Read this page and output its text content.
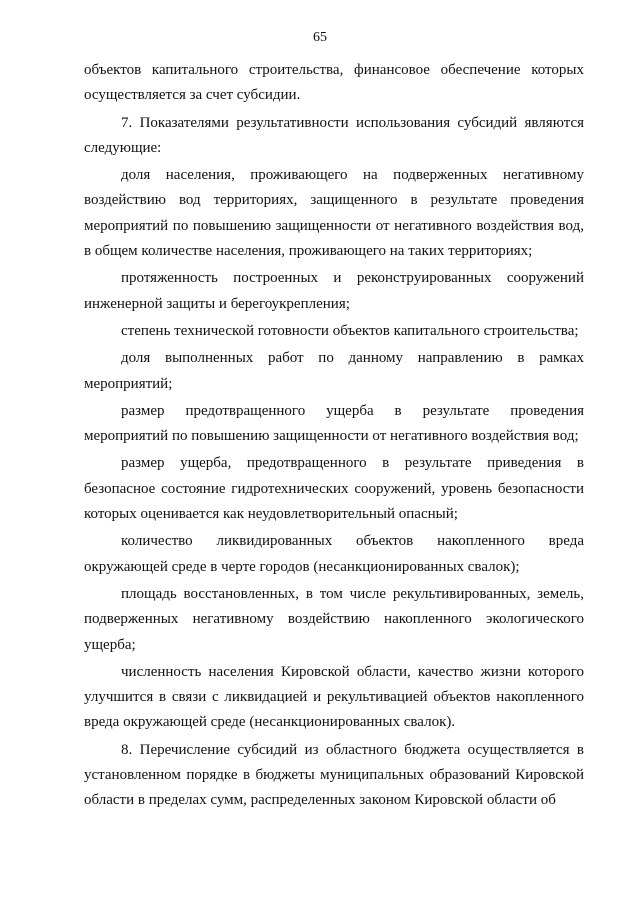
65

объектов капитального строительства, финансовое обеспечение которых осуществляется за счет субсидии.

7. Показателями результативности использования субсидий являются следующие:

доля населения, проживающего на подверженных негативному воздействию вод территориях, защищенного в результате проведения мероприятий по повышению защищенности от негативного воздействия вод, в общем количестве населения, проживающего на таких территориях;

протяженность построенных и реконструированных сооружений инженерной защиты и берегоукрепления;

степень технической готовности объектов капитального строительства;

доля выполненных работ по данному направлению в рамках мероприятий;

размер предотвращенного ущерба в результате проведения мероприятий по повышению защищенности от негативного воздействия вод;

размер ущерба, предотвращенного в результате приведения в безопасное состояние гидротехнических сооружений, уровень безопасности которых оценивается как неудовлетворительный опасный;

количество ликвидированных объектов накопленного вреда окружающей среде в черте городов (несанкционированных свалок);

площадь восстановленных, в том числе рекультивированных, земель, подверженных негативному воздействию накопленного экологического ущерба;

численность населения Кировской области, качество жизни которого улучшится в связи с ликвидацией и рекультивацией объектов накопленного вреда окружающей среде (несанкционированных свалок).

8. Перечисление субсидий из областного бюджета осуществляется в установленном порядке в бюджеты муниципальных образований Кировской области в пределах сумм, распределенных законом Кировской области об
